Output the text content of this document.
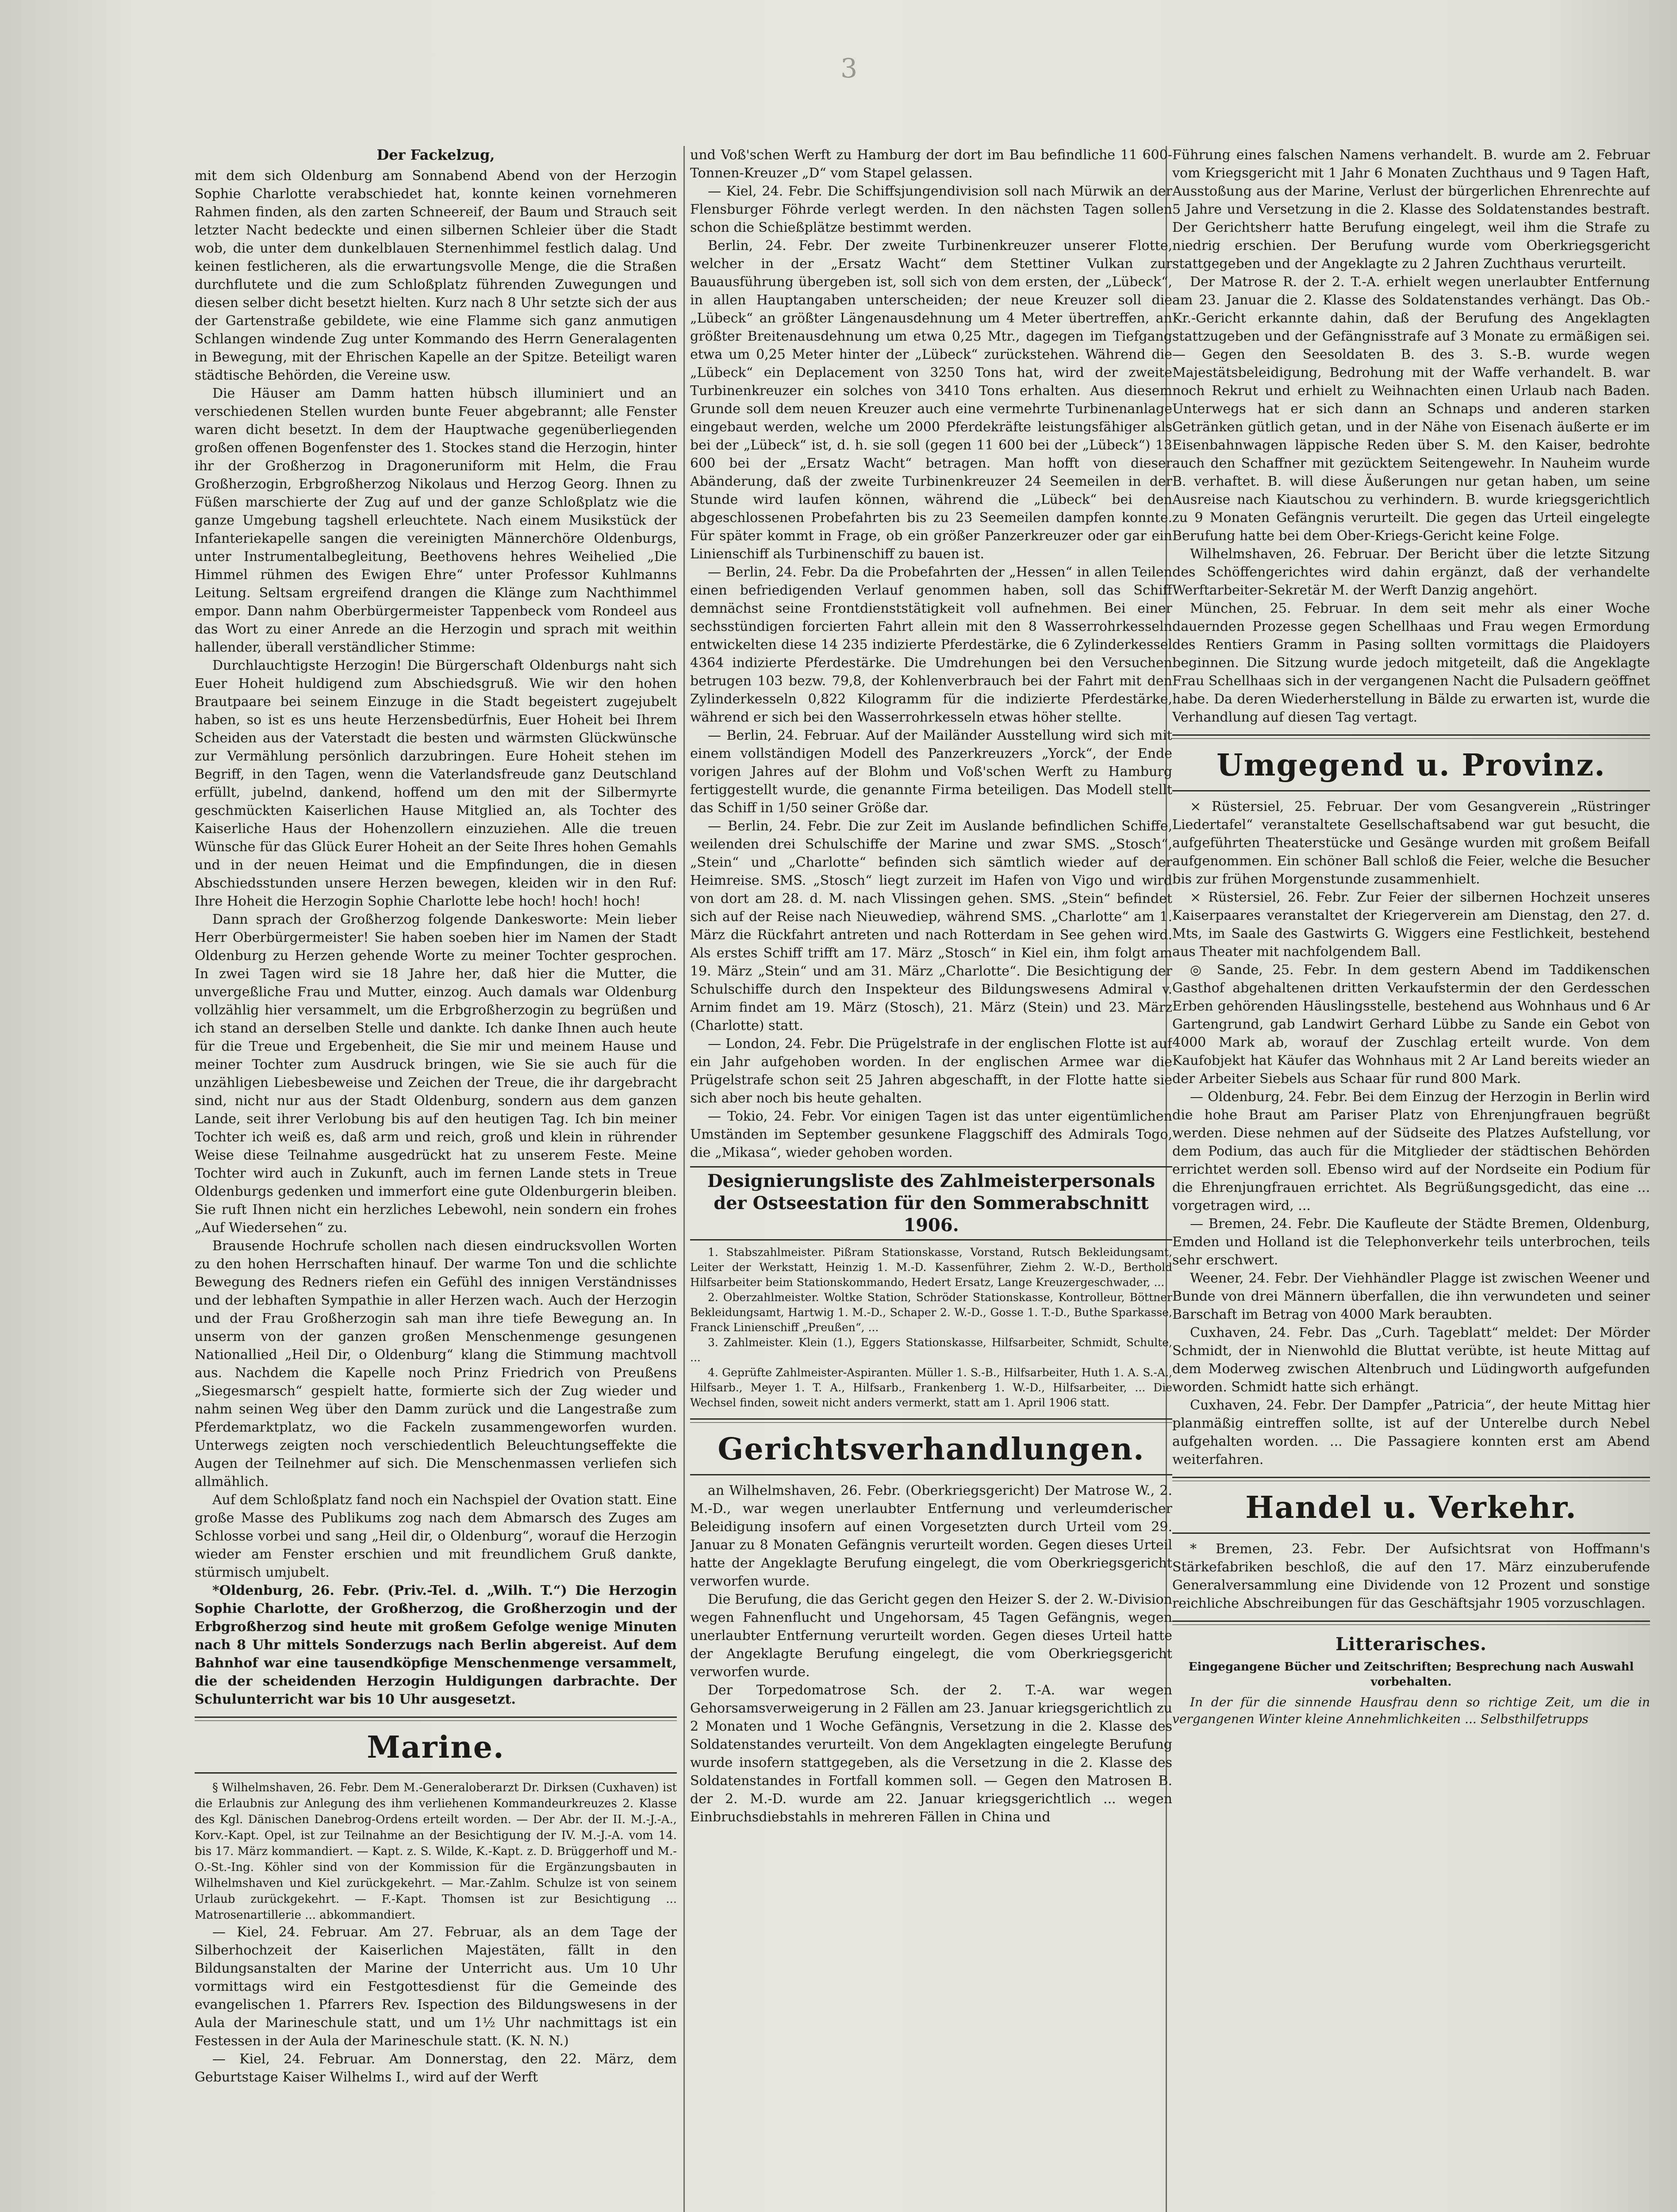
3
Der Fackelzug,

mit dem sich Oldenburg am Sonnabend Abend von der Herzogin Sophie Charlotte verabschiedet hat, konnte keinen vornehmeren Rahmen finden, als den zarten Schneereif, der Baum und Strauch seit letzter Nacht bedeckte und einen silbernen Schleier über die Stadt wob, die unter dem dunkelblauen Sternenhimmel festlich dalag. Und keinen festlicheren, als die erwartungsvolle Menge, die die Straßen durchflutete und die zum Schloßplatz führenden Zuwegungen und diesen selber dicht besetzt hielten. Kurz nach 8 Uhr setzte sich der aus der Gartenstraße gebildete, wie eine Flamme sich ganz anmutigen Schlangen windende Zug unter Kommando des Herrn Generalagenten in Bewegung, mit der Ehrischen Kapelle an der Spitze. Beteiligt waren städtische Behörden, die Vereine usw.

Die Häuser am Damm hatten hübsch illuminiert und an verschiedenen Stellen wurden bunte Feuer abgebrannt; alle Fenster waren dicht besetzt. In dem der Hauptwache gegenüberliegenden großen offenen Bogenfenster des 1. Stockes stand die Herzogin, hinter ihr der Großherzog in Dragoneruniform mit Helm, die Frau Großherzogin, Erbgroßherzog Nikolaus und Herzog Georg. Ihnen zu Füßen marschierte der Zug auf und der ganze Schloßplatz wie die ganze Umgebung tagshell erleuchtete. Nach einem Musikstück der Infanteriekapelle sangen die vereinigten Männerchöre Oldenburgs, unter Instrumentalbegleitung, Beethovens hehres Weihelied „Die Himmel rühmen des Ewigen Ehre“ unter Professor Kuhlmanns Leitung. Seltsam ergreifend drangen die Klänge zum Nachthimmel empor. Dann nahm Oberbürgermeister Tappenbeck vom Rondeel aus das Wort zu einer Anrede an die Herzogin und sprach mit weithin hallender, überall verständlicher Stimme:

Durchlauchtigste Herzogin! Die Bürgerschaft Oldenburgs naht sich Euer Hoheit huldigend zum Abschiedsgruß. Wie wir den hohen Brautpaare bei seinem Einzuge in die Stadt begeistert zugejubelt haben, so ist es uns heute Herzensbedürfnis, Euer Hoheit bei Ihrem Scheiden aus der Vaterstadt die besten und wärmsten Glückwünsche zur Vermählung persönlich darzubringen. Eure Hoheit stehen im Begriff, in den Tagen, wenn die Vaterlandsfreude ganz Deutschland erfüllt, jubelnd, dankend, hoffend um den mit der Silbermyrte geschmückten Kaiserlichen Hause Mitglied an, als Tochter des Kaiserliche Haus der Hohenzollern einzuziehen. Alle die treuen Wünsche für das Glück Eurer Hoheit an der Seite Ihres hohen Gemahls und in der neuen Heimat und die Empfindungen, die in diesen Abschiedsstunden unsere Herzen bewegen, kleiden wir in den Ruf: Ihre Hoheit die Herzogin Sophie Charlotte lebe hoch! hoch! hoch!

Dann sprach der Großherzog folgende Dankesworte: Mein lieber Herr Oberbürgermeister! Sie haben soeben hier im Namen der Stadt Oldenburg zu Herzen gehende Worte zu meiner Tochter gesprochen. In zwei Tagen wird sie 18 Jahre her, daß hier die Mutter, die unvergeßliche Frau und Mutter, einzog. Auch damals war Oldenburg vollzählig hier versammelt, um die Erbgroßherzogin zu begrüßen und ich stand an derselben Stelle und dankte. Ich danke Ihnen auch heute für die Treue und Ergebenheit, die Sie mir und meinem Hause und meiner Tochter zum Ausdruck bringen, wie Sie sie auch für die unzähligen Liebesbeweise und Zeichen der Treue, die ihr dargebracht sind, nicht nur aus der Stadt Oldenburg, sondern aus dem ganzen Lande, seit ihrer Verlobung bis auf den heutigen Tag. Ich bin meiner Tochter ich weiß es, daß arm und reich, groß und klein in rührender Weise diese Teilnahme ausgedrückt hat zu unserem Feste. Meine Tochter wird auch in Zukunft, auch im fernen Lande stets in Treue Oldenburgs gedenken und immerfort eine gute Oldenburgerin bleiben. Sie ruft Ihnen nicht ein herzliches Lebewohl, nein sondern ein frohes „Auf Wiedersehen“ zu.

Brausende Hochrufe schollen nach diesen eindrucksvollen Worten zu den hohen Herrschaften hinauf. Der warme Ton und die schlichte Bewegung des Redners riefen ein Gefühl des innigen Verständnisses und der lebhaften Sympathie in aller Herzen wach. Auch der Herzogin und der Frau Großherzogin sah man ihre tiefe Bewegung an. In unserm von der ganzen großen Menschenmenge gesungenen Nationallied „Heil Dir, o Oldenburg“ klang die Stimmung machtvoll aus. Nachdem die Kapelle noch Prinz Friedrich von Preußens „Siegesmarsch“ gespielt hatte, formierte sich der Zug wieder und nahm seinen Weg über den Damm zurück und die Langestraße zum Pferdemarktplatz, wo die Fackeln zusammengeworfen wurden. Unterwegs zeigten noch verschiedentlich Beleuchtungseffekte die Augen der Teilnehmer auf sich. Die Menschenmassen verliefen sich allmählich.

Auf dem Schloßplatz fand noch ein Nachspiel der Ovation statt. Eine große Masse des Publikums zog nach dem Abmarsch des Zuges am Schlosse vorbei und sang „Heil dir, o Oldenburg“, worauf die Herzogin wieder am Fenster erschien und mit freundlichem Gruß dankte, stürmisch umjubelt.

*Oldenburg, 26. Febr. (Priv.-Tel. d. „Wilh. T.“) Die Herzogin Sophie Charlotte, der Großherzog, die Großherzogin und der Erbgroßherzog sind heute mit großem Gefolge wenige Minuten nach 8 Uhr mittels Sonderzugs nach Berlin abgereist. Auf dem Bahnhof war eine tausendköpfige Menschenmenge versammelt, die der scheidenden Herzogin Huldigungen darbrachte. Der Schulunterricht war bis 10 Uhr ausgesetzt.

Marine.

§ Wilhelmshaven, 26. Febr. Dem M.-Generaloberarzt Dr. Dirksen (Cuxhaven) ist die Erlaubnis zur Anlegung des ihm verliehenen Kommandeurkreuzes 2. Klasse des Kgl. Dänischen Danebrog-Ordens erteilt worden. — Der Abr. der II. M.-J.-A., Korv.-Kapt. Opel, ist zur Teilnahme an der Besichtigung der IV. M.-J.-A. vom 14. bis 17. März kommandiert. — Kapt. z. S. Wilde, K.-Kapt. z. D. Brüggerhoff und M.-O.-St.-Ing. Köhler sind von der Kommission für die Ergänzungsbauten in Wilhelmshaven und Kiel zurückgekehrt. — Mar.-Zahlm. Schulze ist von seinem Urlaub zurückgekehrt. — F.-Kapt. Thomsen ist zur Besichtigung ... Matrosenartillerie ... abkommandiert.

— Kiel, 24. Februar. Am 27. Februar, als an dem Tage der Silberhochzeit der Kaiserlichen Majestäten, fällt in den Bildungsanstalten der Marine der Unterricht aus. Um 10 Uhr vormittags wird ein Festgottesdienst für die Gemeinde des evangelischen 1. Pfarrers Rev. Ispection des Bildungswesens in der Aula der Marineschule statt, und um 1½ Uhr nachmittags ist ein Festessen in der Aula der Marineschule statt. (K. N. N.)

— Kiel, 24. Februar. Am Donnerstag, den 22. März, dem Geburtstage Kaiser Wilhelms I., wird auf der Werft

und Voß'schen Werft zu Hamburg der dort im Bau befindliche 11 600-Tonnen-Kreuzer „D“ vom Stapel gelassen.

— Kiel, 24. Febr. Die Schiffsjungendivision soll nach Mürwik an der Flensburger Föhrde verlegt werden. In den nächsten Tagen sollen schon die Schießplätze bestimmt werden.

Berlin, 24. Febr. Der zweite Turbinenkreuzer unserer Flotte, welcher in der „Ersatz Wacht“ dem Stettiner Vulkan zur Bauausführung übergeben ist, soll sich von dem ersten, der „Lübeck“, in allen Hauptangaben unterscheiden; der neue Kreuzer soll die „Lübeck“ an größter Längenausdehnung um 4 Meter übertreffen, an größter Breitenausdehnung um etwa 0,25 Mtr., dagegen im Tiefgang etwa um 0,25 Meter hinter der „Lübeck“ zurückstehen. Während die „Lübeck“ ein Deplacement von 3250 Tons hat, wird der zweite Turbinenkreuzer ein solches von 3410 Tons erhalten. Aus diesem Grunde soll dem neuen Kreuzer auch eine vermehrte Turbinenanlage eingebaut werden, welche um 2000 Pferdekräfte leistungsfähiger als bei der „Lübeck“ ist, d. h. sie soll (gegen 11 600 bei der „Lübeck“) 13 600 bei der „Ersatz Wacht“ betragen. Man hofft von dieser Abänderung, daß der zweite Turbinenkreuzer 24 Seemeilen in der Stunde wird laufen können, während die „Lübeck“ bei den abgeschlossenen Probefahrten bis zu 23 Seemeilen dampfen konnte. Für später kommt in Frage, ob ein größer Panzerkreuzer oder gar ein Linienschiff als Turbinenschiff zu bauen ist.

— Berlin, 24. Febr. Da die Probefahrten der „Hessen“ in allen Teilen einen befriedigenden Verlauf genommen haben, soll das Schiff demnächst seine Frontdienststätigkeit voll aufnehmen. Bei einer sechsstündigen forcierten Fahrt allein mit den 8 Wasserrohrkesseln entwickelten diese 14 235 indizierte Pferdestärke, die 6 Zylinderkessel 4364 indizierte Pferdestärke. Die Umdrehungen bei den Versuchen betrugen 103 bezw. 79,8, der Kohlenverbrauch bei der Fahrt mit den Zylinderkesseln 0,822 Kilogramm für die indizierte Pferdestärke, während er sich bei den Wasserrohrkesseln etwas höher stellte.

— Berlin, 24. Februar. Auf der Mailänder Ausstellung wird sich mit einem vollständigen Modell des Panzerkreuzers „Yorck“, der Ende vorigen Jahres auf der Blohm und Voß'schen Werft zu Hamburg fertiggestellt wurde, die genannte Firma beteiligen. Das Modell stellt das Schiff in 1/50 seiner Größe dar.

— Berlin, 24. Febr. Die zur Zeit im Auslande befindlichen Schiffe, weilenden drei Schulschiffe der Marine und zwar SMS. „Stosch“, „Stein“ und „Charlotte“ befinden sich sämtlich wieder auf der Heimreise. SMS. „Stosch“ liegt zurzeit im Hafen von Vigo und wird von dort am 28. d. M. nach Vlissingen gehen. SMS. „Stein“ befindet sich auf der Reise nach Nieuwediep, während SMS. „Charlotte“ am 1. März die Rückfahrt antreten und nach Rotterdam in See gehen wird. Als erstes Schiff trifft am 17. März „Stosch“ in Kiel ein, ihm folgt am 19. März „Stein“ und am 31. März „Charlotte“. Die Besichtigung der Schulschiffe durch den Inspekteur des Bildungswesens Admiral v. Arnim findet am 19. März (Stosch), 21. März (Stein) und 23. März (Charlotte) statt.

— London, 24. Febr. Die Prügelstrafe in der englischen Flotte ist auf ein Jahr aufgehoben worden. In der englischen Armee war die Prügelstrafe schon seit 25 Jahren abgeschafft, in der Flotte hatte sie sich aber noch bis heute gehalten.

— Tokio, 24. Febr. Vor einigen Tagen ist das unter eigentümlichen Umständen im September gesunkene Flaggschiff des Admirals Togo, die „Mikasa“, wieder gehoben worden.

Designierungsliste des Zahlmeisterpersonals der Ostseestation für den Sommerabschnitt 1906.

1. Stabszahlmeister. Pißram Stationskasse, Vorstand, Rutsch Bekleidungsamt, Leiter der Werkstatt, Heinzig 1. M.-D. Kassenführer, Ziehm 2. W.-D., Berthold Hilfsarbeiter beim Stationskommando, Hedert Ersatz, Lange Kreuzergeschwader, ...

2. Oberzahlmeister. Woltke Station, Schröder Stationskasse, Kontrolleur, Böttner Bekleidungsamt, Hartwig 1. M.-D., Schaper 2. W.-D., Gosse 1. T.-D., Buthe Sparkasse, Franck Linienschiff „Preußen“, ...

3. Zahlmeister. Klein (1.), Eggers Stationskasse, Hilfsarbeiter, Schmidt, Schulte, ...

4. Geprüfte Zahlmeister-Aspiranten. Müller 1. S.-B., Hilfsarbeiter, Huth 1. A. S.-A., Hilfsarb., Meyer 1. T. A., Hilfsarb., Frankenberg 1. W.-D., Hilfsarbeiter, ... Die Wechsel finden, soweit nicht anders vermerkt, statt am 1. April 1906 statt.

Gerichtsverhandlungen.

an Wilhelmshaven, 26. Febr. (Oberkriegsgericht) Der Matrose W., 2. M.-D., war wegen unerlaubter Entfernung und verleumderischer Beleidigung insofern auf einen Vorgesetzten durch Urteil vom 29. Januar zu 8 Monaten Gefängnis verurteilt worden. Gegen dieses Urteil hatte der Angeklagte Berufung eingelegt, die vom Oberkriegsgericht verworfen wurde.

Die Berufung, die das Gericht gegen den Heizer S. der 2. W.-Division wegen Fahnenflucht und Ungehorsam, 45 Tagen Gefängnis, wegen unerlaubter Entfernung verurteilt worden. Gegen dieses Urteil hatte der Angeklagte Berufung eingelegt, die vom Oberkriegsgericht verworfen wurde.

Der Torpedomatrose Sch. der 2. T.-A. war wegen Gehorsamsverweigerung in 2 Fällen am 23. Januar kriegsgerichtlich zu 2 Monaten und 1 Woche Gefängnis, Versetzung in die 2. Klasse des Soldatenstandes verurteilt. Von dem Angeklagten eingelegte Berufung wurde insofern stattgegeben, als die Versetzung in die 2. Klasse des Soldatenstandes in Fortfall kommen soll. — Gegen den Matrosen B. der 2. M.-D. wurde am 22. Januar kriegsgerichtlich ... wegen Einbruchsdiebstahls in mehreren Fällen in China und

Führung eines falschen Namens verhandelt. B. wurde am 2. Februar vom Kriegsgericht mit 1 Jahr 6 Monaten Zuchthaus und 9 Tagen Haft, Ausstoßung aus der Marine, Verlust der bürgerlichen Ehrenrechte auf 5 Jahre und Versetzung in die 2. Klasse des Soldatenstandes bestraft. Der Gerichtsherr hatte Berufung eingelegt, weil ihm die Strafe zu niedrig erschien. Der Berufung wurde vom Oberkriegsgericht stattgegeben und der Angeklagte zu 2 Jahren Zuchthaus verurteilt.

Der Matrose R. der 2. T.-A. erhielt wegen unerlaubter Entfernung am 23. Januar die 2. Klasse des Soldatenstandes verhängt. Das Ob.-Kr.-Gericht erkannte dahin, daß der Berufung des Angeklagten stattzugeben und der Gefängnisstrafe auf 3 Monate zu ermäßigen sei. — Gegen den Seesoldaten B. des 3. S.-B. wurde wegen Majestätsbeleidigung, Bedrohung mit der Waffe verhandelt. B. war noch Rekrut und erhielt zu Weihnachten einen Urlaub nach Baden. Unterwegs hat er sich dann an Schnaps und anderen starken Getränken gütlich getan, und in der Nähe von Eisenach äußerte er im Eisenbahnwagen läppische Reden über S. M. den Kaiser, bedrohte auch den Schaffner mit gezücktem Seitengewehr. In Nauheim wurde B. verhaftet. B. will diese Äußerungen nur getan haben, um seine Ausreise nach Kiautschou zu verhindern. B. wurde kriegsgerichtlich zu 9 Monaten Gefängnis verurteilt. Die gegen das Urteil eingelegte Berufung hatte bei dem Ober-Kriegs-Gericht keine Folge.

Wilhelmshaven, 26. Februar. Der Bericht über die letzte Sitzung des Schöffengerichtes wird dahin ergänzt, daß der verhandelte Werftarbeiter-Sekretär M. der Werft Danzig angehört.

München, 25. Februar. In dem seit mehr als einer Woche dauernden Prozesse gegen Schellhaas und Frau wegen Ermordung des Rentiers Gramm in Pasing sollten vormittags die Plaidoyers beginnen. Die Sitzung wurde jedoch mitgeteilt, daß die Angeklagte Frau Schellhaas sich in der vergangenen Nacht die Pulsadern geöffnet habe. Da deren Wiederherstellung in Bälde zu erwarten ist, wurde die Verhandlung auf diesen Tag vertagt.

Umgegend u. Provinz.

× Rüstersiel, 25. Februar. Der vom Gesangverein „Rüstringer Liedertafel“ veranstaltete Gesellschaftsabend war gut besucht, die aufgeführten Theaterstücke und Gesänge wurden mit großem Beifall aufgenommen. Ein schöner Ball schloß die Feier, welche die Besucher bis zur frühen Morgenstunde zusammenhielt.

× Rüstersiel, 26. Febr. Zur Feier der silbernen Hochzeit unseres Kaiserpaares veranstaltet der Kriegerverein am Dienstag, den 27. d. Mts, im Saale des Gastwirts G. Wiggers eine Festlichkeit, bestehend aus Theater mit nachfolgendem Ball.

◎ Sande, 25. Febr. In dem gestern Abend im Taddikenschen Gasthof abgehaltenen dritten Verkaufstermin der den Gerdesschen Erben gehörenden Häuslingsstelle, bestehend aus Wohnhaus und 6 Ar Gartengrund, gab Landwirt Gerhard Lübbe zu Sande ein Gebot von 4000 Mark ab, worauf der Zuschlag erteilt wurde. Von dem Kaufobjekt hat Käufer das Wohnhaus mit 2 Ar Land bereits wieder an der Arbeiter Siebels aus Schaar für rund 800 Mark.

— Oldenburg, 24. Febr. Bei dem Einzug der Herzogin in Berlin wird die hohe Braut am Pariser Platz von Ehrenjungfrauen begrüßt werden. Diese nehmen auf der Südseite des Platzes Aufstellung, vor dem Podium, das auch für die Mitglieder der städtischen Behörden errichtet werden soll. Ebenso wird auf der Nordseite ein Podium für die Ehrenjungfrauen errichtet. Als Begrüßungsgedicht, das eine ... vorgetragen wird, ...

— Bremen, 24. Febr. Die Kaufleute der Städte Bremen, Oldenburg, Emden und Holland ist die Telephonverkehr teils unterbrochen, teils sehr erschwert.

Weener, 24. Febr. Der Viehhändler Plagge ist zwischen Weener und Bunde von drei Männern überfallen, die ihn verwundeten und seiner Barschaft im Betrag von 4000 Mark beraubten.

Cuxhaven, 24. Febr. Das „Curh. Tageblatt“ meldet: Der Mörder Schmidt, der in Nienwohld die Bluttat verübte, ist heute Mittag auf dem Moderweg zwischen Altenbruch und Lüdingworth aufgefunden worden. Schmidt hatte sich erhängt.

Cuxhaven, 24. Febr. Der Dampfer „Patricia“, der heute Mittag hier planmäßig eintreffen sollte, ist auf der Unterelbe durch Nebel aufgehalten worden. ... Die Passagiere konnten erst am Abend weiterfahren.

Handel u. Verkehr.

* Bremen, 23. Febr. Der Aufsichtsrat von Hoffmann's Stärkefabriken beschloß, die auf den 17. März einzuberufende Generalversammlung eine Dividende von 12 Prozent und sonstige reichliche Abschreibungen für das Geschäftsjahr 1905 vorzuschlagen.

Litterarisches.
Eingegangene Bücher und Zeitschriften; Besprechung nach Auswahl vorbehalten.

In der für die sinnende Hausfrau denn so richtige Zeit, um die in vergangenen Winter kleine Annehmlichkeiten ... Selbsthilfetrupps
